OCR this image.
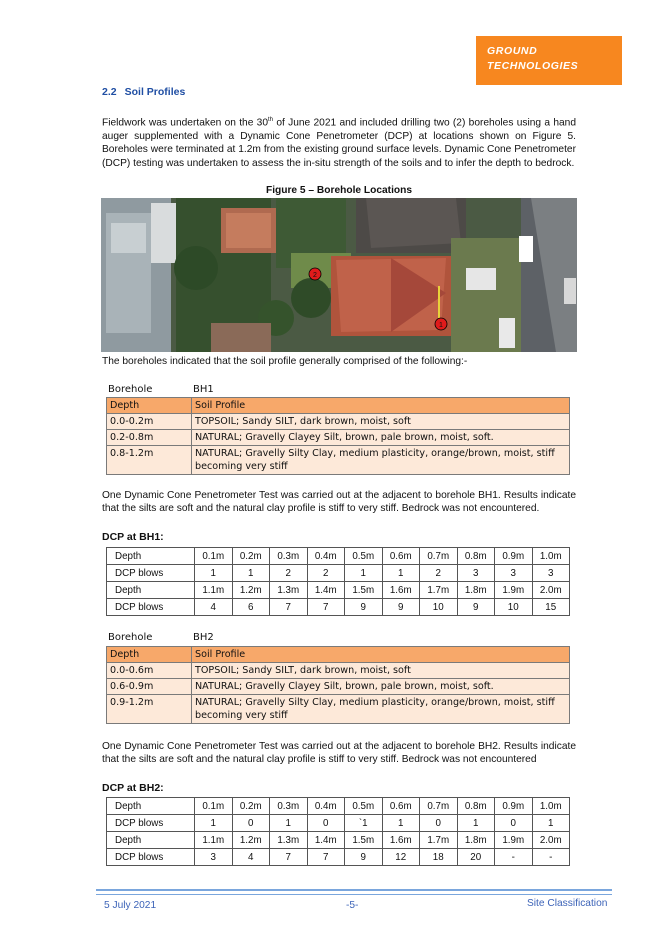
GROUND
TECHNOLOGIES
2.2 Soil Profiles

Fieldwork was undertaken on the 30th of June 2021 and included drilling two (2) boreholes using a hand auger supplemented with a Dynamic Cone Penetrometer (DCP) at locations shown on Figure 5. Boreholes were terminated at 1.2m from the existing ground surface levels. Dynamic Cone Penetrometer (DCP) testing was undertaken to assess the in-situ strength of the soils and to infer the depth to bedrock.

Figure 5 – Borehole Locations
2
1

The boreholes indicated that the soil profile generally comprised of the following:-

Borehole	BH1
Depth	Soil Profile
0.0-0.2m	TOPSOIL; Sandy SILT, dark brown, moist, soft
0.2-0.8m	NATURAL; Gravelly Clayey Silt, brown, pale brown, moist, soft.
0.8-1.2m	NATURAL; Gravelly Silty Clay, medium plasticity, orange/brown, moist, stiff becoming very stiff

One Dynamic Cone Penetrometer Test was carried out at the adjacent to borehole BH1. Results indicate that the silts are soft and the natural clay profile is stiff to very stiff. Bedrock was not encountered.

DCP at BH1:
Depth	0.1m	0.2m	0.3m	0.4m	0.5m	0.6m	0.7m	0.8m	0.9m	1.0m
DCP blows	1	1	2	2	1	1	2	3	3	3
Depth	1.1m	1.2m	1.3m	1.4m	1.5m	1.6m	1.7m	1.8m	1.9m	2.0m
DCP blows	4	6	7	7	9	9	10	9	10	15
Borehole	BH2
Depth	Soil Profile
0.0-0.6m	TOPSOIL; Sandy SILT, dark brown, moist, soft
0.6-0.9m	NATURAL; Gravelly Clayey Silt, brown, pale brown, moist, soft.
0.9-1.2m	NATURAL; Gravelly Silty Clay, medium plasticity, orange/brown, moist, stiff becoming very stiff

One Dynamic Cone Penetrometer Test was carried out at the adjacent to borehole BH2. Results indicate that the silts are soft and the natural clay profile is stiff to very stiff. Bedrock was not encountered

DCP at BH2:
Depth	0.1m	0.2m	0.3m	0.4m	0.5m	0.6m	0.7m	0.8m	0.9m	1.0m
DCP blows	1	0	1	0	`1	1	0	1	0	1
Depth	1.1m	1.2m	1.3m	1.4m	1.5m	1.6m	1.7m	1.8m	1.9m	2.0m
DCP blows	3	4	7	7	9	12	18	20	-	-
5 July 2021	-5-	Site Classification
